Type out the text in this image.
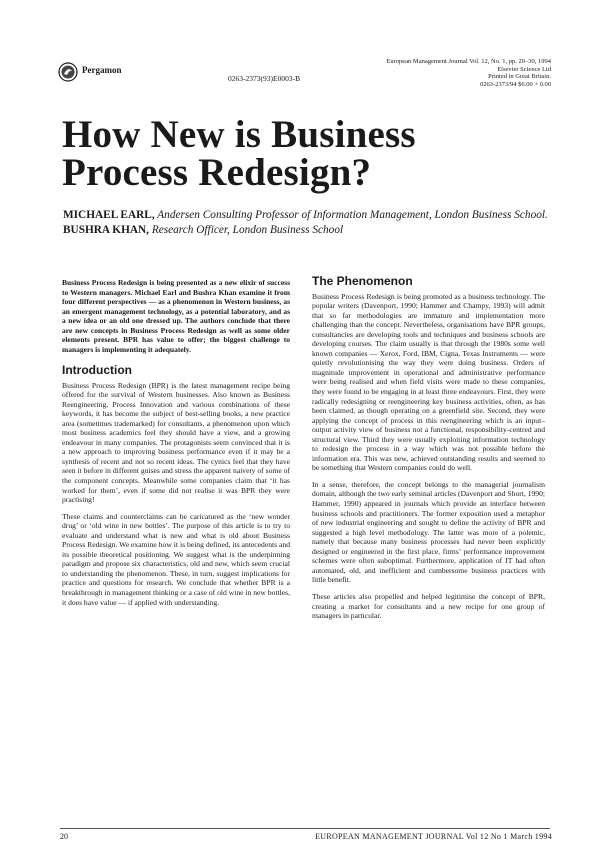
Pergamon
0263-2373(93)E0003-B
European Management Journal Vol. 12, No. 1, pp. 20–30, 1994
Elsevier Science Ltd
Printed in Great Britain.
0263-2373/94 $6.00 + 0.00
How New is Business
Process Redesign?
MICHAEL EARL, Andersen Consulting Professor of Information Management, London Business School. BUSHRA KHAN, Research Officer, London Business School

Business Process Redesign is being presented as a new elixir of success to Western managers. Michael Earl and Bushra Khan examine it from four different perspectives — as a phenomenon in Western business, as an emergent management technology, as a potential laboratory, and as a new idea or an old one dressed up. The authors conclude that there are new concepts in Business Process Redesign as well as some older elements present. BPR has value to offer; the biggest challenge to managers is implementing it adequately.

Introduction

Business Process Redesign (BPR) is the latest management recipe being offered for the survival of Western businesses. Also known as Business Reengineering, Process Innovation and various combinations of these keywords, it has become the subject of best-selling books, a new practice area (sometimes trademarked) for consultants, a phenomenon upon which most business academics feel they should have a view, and a growing endeavour in many companies. The protagonists seem convinced that it is a new approach to improving business performance even if it may be a synthesis of recent and not so recent ideas. The cynics feel that they have seen it before in different guises and stress the apparent naivety of some of the component concepts. Meanwhile some companies claim that ‘it has worked for them’, even if some did not realise it was BPR they were practising!

These claims and counterclaims can be caricatured as the ‘new wonder drug’ or ‘old wine in new bottles’. The purpose of this article is to try to evaluate and understand what is new and what is old about Business Process Redesign. We examine how it is being defined, its antecedents and its possible theoretical positioning. We suggest what is the underpinning paradigm and propose six characteristics, old and new, which seem crucial to understanding the phenomenon. These, in turn, suggest implications for practice and questions for research. We conclude that whether BPR is a breakthrough in management thinking or a case of old wine in new bottles, it does have value — if applied with understanding.

The Phenomenon

Business Process Redesign is being promoted as a business technology. The popular writers (Davenport, 1990; Hammer and Champy, 1993) will admit that so far methodologies are immature and implementation more challenging than the concept. Nevertheless, organisations have BPR groups, consultancies are developing tools and techniques and business schools are developing courses. The claim usually is that through the 1980s some well known companies — Xerox, Ford, IBM, Cigna, Texas Instruments — were quietly revolutionising the way they were doing business. Orders of magnitude improvement in operational and administrative performance were being realised and when field visits were made to these companies, they were found to be engaging in at least three endeavours. First, they were radically redesigning or reengineering key business activities, often, as has been claimed, as though operating on a greenfield site. Second, they were applying the concept of process in this reengineering which is an input–output activity view of business not a functional, responsibility-centred and structural view. Third they were usually exploiting information technology to redesign the process in a way which was not possible before the information era. This was new, achieved outstanding results and seemed to be something that Western companies could do well.

In a sense, therefore, the concept belongs to the managerial journalism domain, although the two early seminal articles (Davenport and Short, 1990; Hammer, 1990) appeared in journals which provide an interface between business schools and practitioners. The former exposition used a metaphor of new industrial engineering and sought to define the activity of BPR and suggested a high level methodology. The latter was more of a polemic, namely that because many business processes had never been explicitly designed or engineered in the first place, firms’ performance improvement schemes were often suboptimal. Furthermore, application of IT had often automated, old, and inefficient and cumbersome business practices with little benefit.

These articles also propelled and helped legitimise the concept of BPR, creating a market for consultants and a new recipe for one group of managers in particular.

20	EUROPEAN MANAGEMENT JOURNAL Vol 12 No 1 March 1994
